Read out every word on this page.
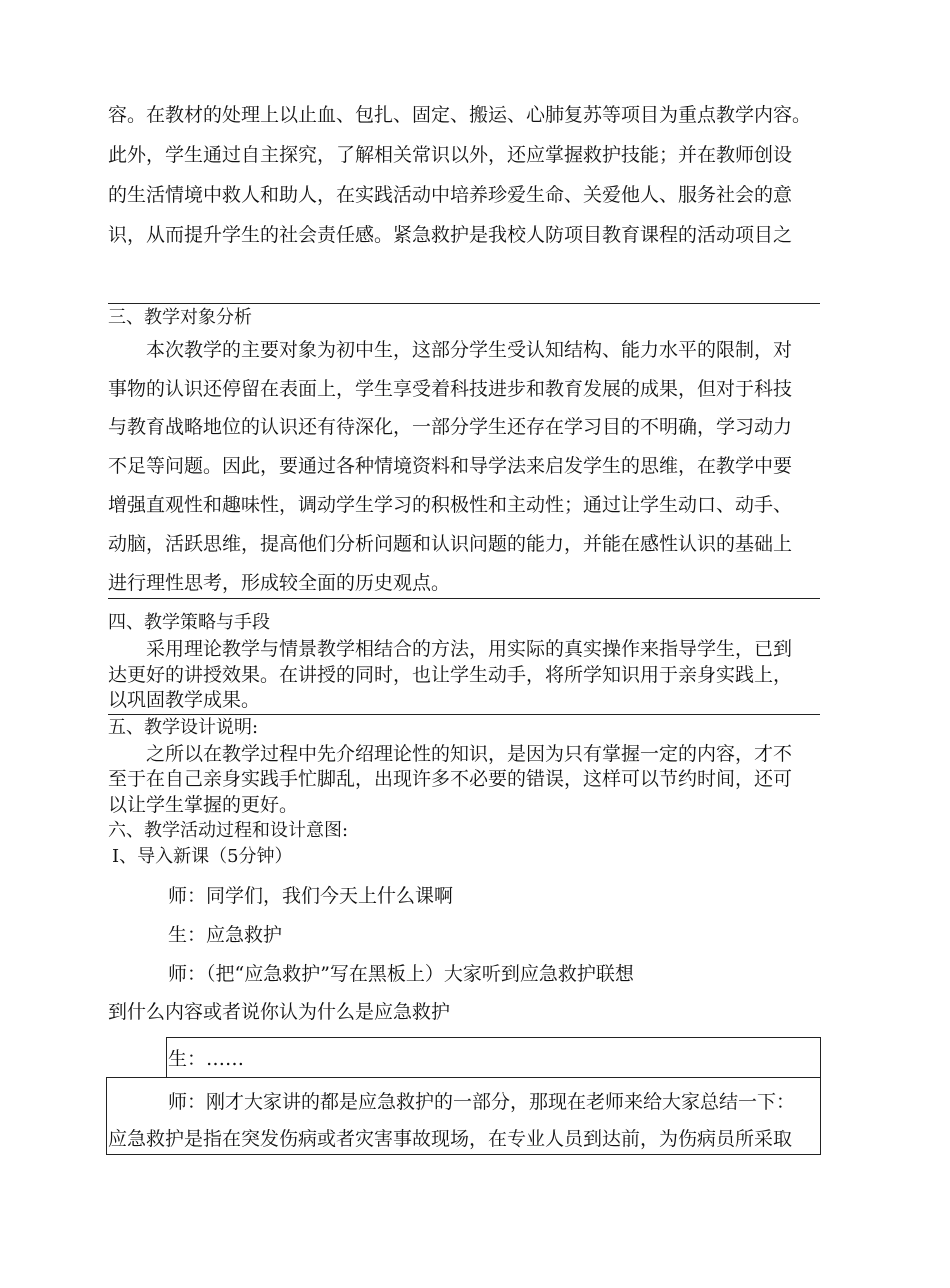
容。在教材的处理上以止血、包扎、固定、搬运、心肺复苏等项目为重点教学内容。
此外，学生通过自主探究，了解相关常识以外，还应掌握救护技能；并在教师创设
的生活情境中救人和助人，在实践活动中培养珍爱生命、关爱他人、服务社会的意
识，从而提升学生的社会责任感。紧急救护是我校人防项目教育课程的活动项目之
三、教学对象分析
本次教学的主要对象为初中生，这部分学生受认知结构、能力水平的限制，对
事物的认识还停留在表面上，学生享受着科技进步和教育发展的成果，但对于科技
与教育战略地位的认识还有待深化，一部分学生还存在学习目的不明确，学习动力
不足等问题。因此，要通过各种情境资料和导学法来启发学生的思维，在教学中要
增强直观性和趣味性，调动学生学习的积极性和主动性；通过让学生动口、动手、
动脑，活跃思维，提高他们分析问题和认识问题的能力，并能在感性认识的基础上
进行理性思考，形成较全面的历史观点。
四、教学策略与手段
采用理论教学与情景教学相结合的方法，用实际的真实操作来指导学生，已到
达更好的讲授效果。在讲授的同时，也让学生动手，将所学知识用于亲身实践上，
以巩固教学成果。
五、教学设计说明:
之所以在教学过程中先介绍理论性的知识，是因为只有掌握一定的内容，才不
至于在自己亲身实践手忙脚乱，出现许多不必要的错误，这样可以节约时间，还可
以让学生掌握的更好。
六、教学活动过程和设计意图:
I、导入新课（5分钟）
师：同学们，我们今天上什么课啊
生：应急救护
师：（把“应急救护”写在黑板上）大家听到应急救护联想
到什么内容或者说你认为什么是应急救护
生：……
师：刚才大家讲的都是应急救护的一部分，那现在老师来给大家总结一下：
应急救护是指在突发伤病或者灾害事故现场，在专业人员到达前，为伤病员所采取
